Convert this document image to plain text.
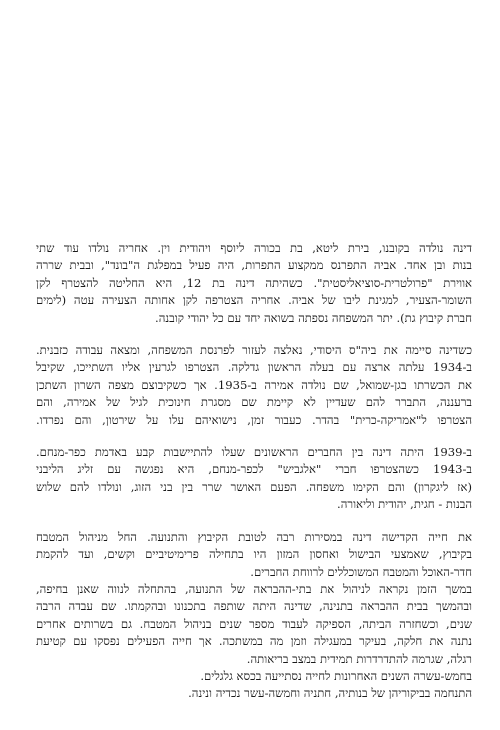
דינה נולדה בקובנו, בירת ליטא, בת בכורה ליוסף ויהודית וין. אחריה נולדו עוד שתי
בנות ובן אחד. אביה התפרנס ממקצוע התפרות, היה פעיל במפלגת ה"בונד", ובבית שררה
אווירת "פרולטרית-סוציאליסטית". כשהיתה דינה בת 12, היא החליטה להצטרף לקן
השומר-הצעיר, למגינת ליבו של אביה. אחריה הצטרפה לקן אחותה הצעירה עטה (לימים
חברת קיבוץ גת). יתר המשפחה נספתה בשואה יחד עם כל יהודי קובנה.
כשדינה סיימה את ביה"ס היסודי, נאלצה לעזור לפרנסת המשפחה, ומצאה עבודה כזבנית.
ב-1934 עלתה ארצה עם בעלה הראשון גדלקה. הצטרפו לגרעין אליו השתייכו, שקיבל
את הכשרתו בגן-שמואל, שם נולדה אמירה ב-1935. אך כשקיבוצם מצפה השרון השתכן
ברעננה, התברר להם שעדיין לא קיימת שם מסגרת חינוכית לגיל של אמירה, והם
הצטרפו ל"אמריקה-כרית" בהדר. כעבור זמן, נישואיהם עלו על שירטון, והם נפרדו.
ב-1939 היתה דינה בין החברים הראשונים שעלו להתיישבות קבע באדמת כפר-מנחם.
ב-1943 כשהצטרפו חברי "אלגביש" לכפר-מנחם, היא נפגשה עם זליג הליבני
(אז ליגקרון) והם הקימו משפחה. הפעם האושר שרר בין בני הזוג, ונולדו להם שלוש
הבנות - חגית, יהודית וליאורה.
את חייה הקדישה דינה במסירות רבה לטובת הקיבוץ והתנועה. החל מניהול המטבח
בקיבוץ, שאמצעי הבישול ואחסון המזון היו בתחילה פרימיטיביים וקשים, ועד להקמת
חדר-האוכל והמטבח המשוכללים לרווחת החברים.
במשך הזמן נקראה לניהול את בתי-ההבראה של התנועה, בהתחלה לנווה שאנן בחיפה,
ובהמשך בבית ההבראה בתנינה, שדינה היתה שותפה בתכנונו ובהקמתו. שם עבדה הרבה
שנים, וכשחזרה הביתה, הספיקה לעבוד מספר שנים בניהול המטבח. גם בשרותים אחרים
נתנה את חלקה, בעיקר במעגילה וזמן מה במשתכה. אך חייה הפעילים נפסקו עם קטיעת
רגלה, שגרמה להתדרדרות תמידית במצב בריאותה.
בחמש-עשרה השנים האחרונות לחייה נסתייעה בכסא גלגלים.
התנחמה בביקוריהן של בנותיה, חתניה וחמשה-עשר נכדיה ונינה.
